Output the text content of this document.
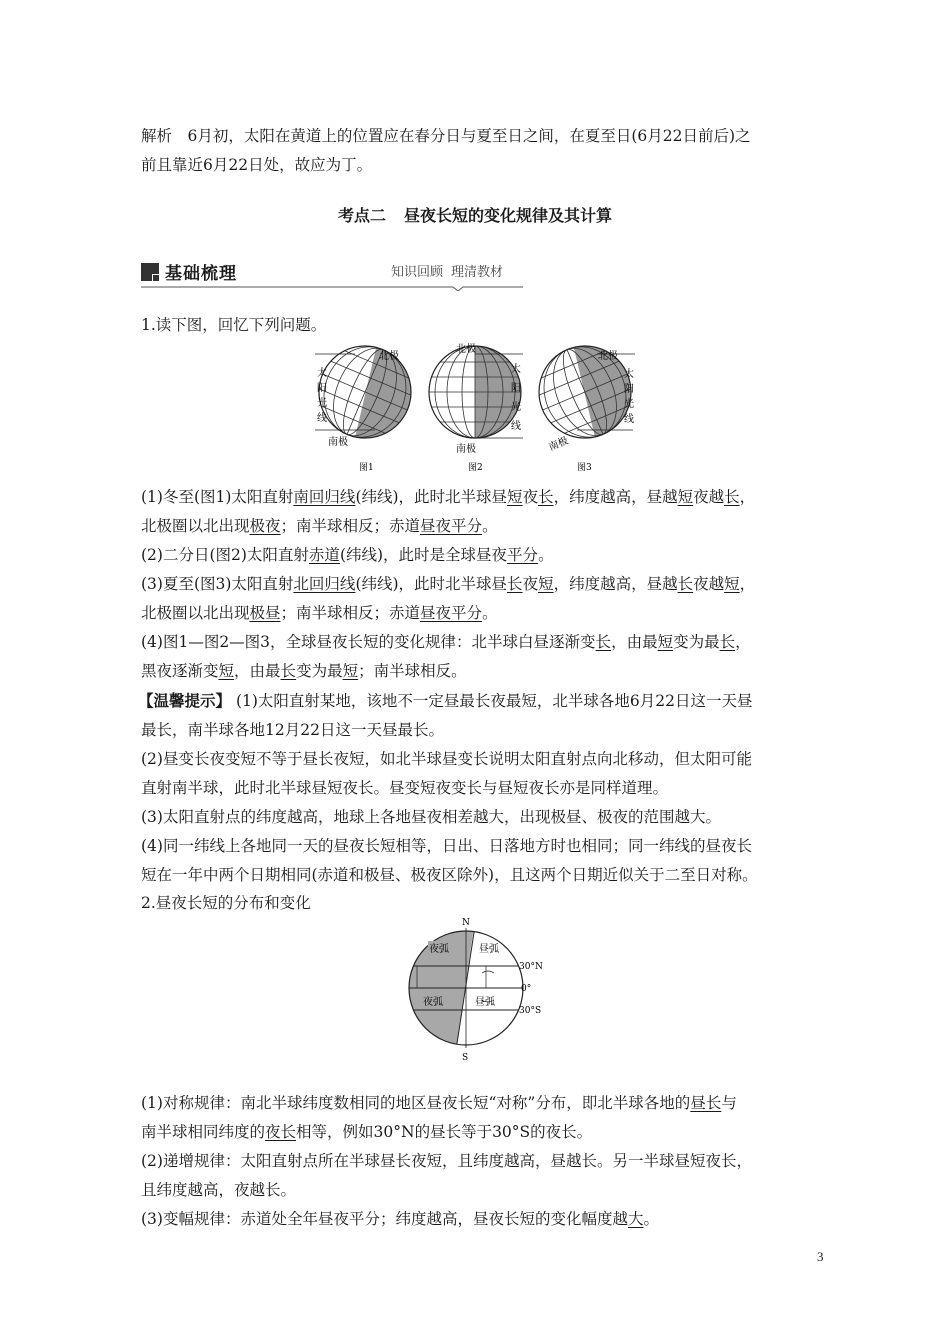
解析　6月初，太阳在黄道上的位置应在春分日与夏至日之间，在夏至日(6月22日前后)之
前且靠近6月22日处，故应为丁。
考点二 昼夜长短的变化规律及其计算
基础梳理	知识回顾 理清教材
1.读下图，回忆下列问题。
北极
南极
太
阳
光
线
图1
北极
南极
太
阳
光
线
图2
北极
南极
太
阳
光
线
图3
(1)冬至(图1)太阳直射南回归线(纬线)，此时北半球昼短夜长，纬度越高，昼越短夜越长，
北极圈以北出现极夜；南半球相反；赤道昼夜平分。
(2)二分日(图2)太阳直射赤道(纬线)，此时是全球昼夜平分。
(3)夏至(图3)太阳直射北回归线(纬线)，此时北半球昼长夜短，纬度越高，昼越长夜越短，
北极圈以北出现极昼；南半球相反；赤道昼夜平分。
(4)图1—图2—图3，全球昼夜长短的变化规律：北半球白昼逐渐变长，由最短变为最长，
黑夜逐渐变短，由最长变为最短；南半球相反。
【温馨提示】 (1)太阳直射某地，该地不一定昼最长夜最短，北半球各地6月22日这一天昼
最长，南半球各地12月22日这一天昼最长。
(2)昼变长夜变短不等于昼长夜短，如北半球昼变长说明太阳直射点向北移动，但太阳可能
直射南半球，此时北半球昼短夜长。昼变短夜变长与昼短夜长亦是同样道理。
(3)太阳直射点的纬度越高，地球上各地昼夜相差越大，出现极昼、极夜的范围越大。
(4)同一纬线上各地同一天的昼夜长短相等，日出、日落地方时也相同；同一纬线的昼夜长
短在一年中两个日期相同(赤道和极昼、极夜区除外)，且这两个日期近似关于二至日对称。
2.昼夜长短的分布和变化
N
S
夜弧	昼弧
夜弧	昼弧
30°N
0°
30°S
(1)对称规律：南北半球纬度数相同的地区昼夜长短“对称”分布，即北半球各地的昼长与
南半球相同纬度的夜长相等，例如30°N的昼长等于30°S的夜长。
(2)递增规律：太阳直射点所在半球昼长夜短，且纬度越高，昼越长。另一半球昼短夜长，
且纬度越高，夜越长。
(3)变幅规律：赤道处全年昼夜平分；纬度越高，昼夜长短的变化幅度越大。
3
